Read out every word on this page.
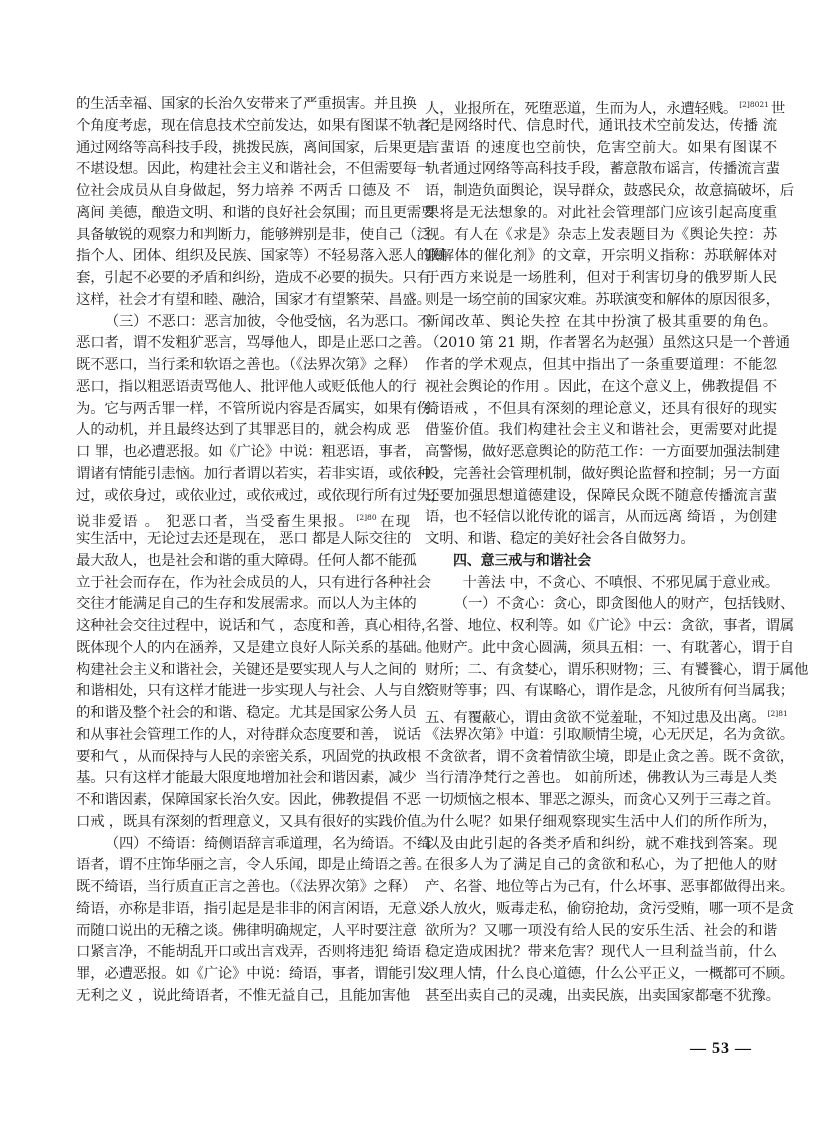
的生活幸福、国家的长治久安带来了严重损害。并且换
个角度考虑，现在信息技术空前发达，如果有图谋不轨者
通过网络等高科技手段，挑拨民族，离间国家，后果更是
不堪设想。因此，构建社会主义和谐社会，不但需要每一
位社会成员从自身做起，努力培养 不两舌 口德及 不
离间 美德，酿造文明、和谐的良好社会氛围；而且更需要
具备敏锐的观察力和判断力，能够辨别是非，使自己（泛
指个人、团体、组织及民族、国家等）不轻易落入恶人的圈
套，引起不必要的矛盾和纠纷，造成不必要的损失。只有
这样，社会才有望和睦、融洽，国家才有望繁荣、昌盛。
（三）不恶口：恶言加彼，令他受恼，名为恶口。不
恶口者，谓不发粗犷恶言，骂辱他人，即是止恶口之善。
既不恶口，当行柔和软语之善也。（《法界次第》之释）
恶口，指以粗恶语责骂他人、批评他人或贬低他人的行
为。它与两舌罪一样，不管所说内容是否属实，如果有伤
人的动机，并且最终达到了其罪恶目的，就会构成 恶
口 罪，也必遭恶报。如《广论》中说：粗恶语，事者，
谓诸有情能引恚恼。加行者谓以若实，若非实语，或依种
过，或依身过，或依业过，或依戒过，或依现行所有过失，
说非爱语 。 犯恶口者，当受畜生果报。 $^{[2]80}$ 在现
实生活中，无论过去还是现在， 恶口 都是人际交往的
最大敌人，也是社会和谐的重大障碍。任何人都不能孤
立于社会而存在，作为社会成员的人，只有进行各种社会
交往才能满足自己的生存和发展需求。而以人为主体的
这种社会交往过程中，说话和气 ，态度和善，真心相待，
既体现个人的内在涵养，又是建立良好人际关系的基础。
构建社会主义和谐社会，关键还是要实现人与人之间的
和谐相处，只有这样才能进一步实现人与社会、人与自然
的和谐及整个社会的和谐、稳定。尤其是国家公务人员
和从事社会管理工作的人，对待群众态度要和善， 说话
要和气 ，从而保持与人民的亲密关系，巩固党的执政根
基。只有这样才能最大限度地增加社会和谐因素，减少
不和谐因素，保障国家长治久安。因此，佛教提倡 不恶
口戒 ，既具有深刻的哲理意义，又具有很好的实践价值。
（四）不绮语：绮侧语辞言乖道理，名为绮语。不绮
语者，谓不庄饰华丽之言，令人乐闻，即是止绮语之善。
既不绮语，当行质直正言之善也。（《法界次第》之释）
绮语，亦称是非语，指引起是是非非的闲言闲语，无意义
而随口说出的无稽之谈。佛律明确规定，人平时要注意
口紧言净，不能胡乱开口或出言戏弄，否则将违犯 绮语
罪，必遭恶报。如《广论》中说：绮语，事者，谓能引发
无利之义 ，说此绮语者，不惟无益自己，且能加害他
人，业报所在，死堕恶道，生而为人，永遭轻贱。 $^{[2]8021}$ 世
纪是网络时代、信息时代，通讯技术空前发达，传播 流
言蜚语 的速度也空前快，危害空前大。如果有图谋不
轨者通过网络等高科技手段，蓄意散布谣言，传播流言蜚
语，制造负面舆论，误导群众，鼓惑民众，故意搞破坏，后
果将是无法想象的。对此社会管理部门应该引起高度重
视。有人在《求是》杂志上发表题目为《舆论失控：苏
联解体的催化剂》的文章，开宗明义指称：苏联解体对
于西方来说是一场胜利，但对于利害切身的俄罗斯人民
则是一场空前的国家灾难。苏联演变和解体的原因很多，
新闻改革、舆论失控 在其中扮演了极其重要的角色。
（2010 第 21 期，作者署名为赵强）虽然这只是一个普通
作者的学术观点，但其中指出了一条重要道理：不能忽
视社会舆论的作用 。因此，在这个意义上，佛教提倡 不
绮语戒 ，不但具有深刻的理论意义，还具有很好的现实
借鉴价值。我们构建社会主义和谐社会，更需要对此提
高警惕，做好恶意舆论的防范工作：一方面要加强法制建
设，完善社会管理机制，做好舆论监督和控制；另一方面
还要加强思想道德建设，保障民众既不随意传播流言蜚
语，也不轻信以讹传讹的谣言，从而远离 绮语 ，为创建
文明、和谐、稳定的美好社会各自做努力。
四、意三戒与和谐社会
十善法 中，不贪心、不嗔恨、不邪见属于意业戒。
（一）不贪心：贪心，即贪图他人的财产，包括钱财、
名誉、地位、权利等。如《广论》中云：贪欲，事者，谓属
他财产。此中贪心圆满，须具五相：一、有耽著心，谓于自
财所；二、有贪婪心，谓乐积财物；三、有饕餮心，谓于属他
资财等事；四、有谋略心，谓作是念，凡彼所有何当属我；
五、有覆蔽心，谓由贪欲不觉羞耻，不知过患及出离。 $^{[2]81}$
《法界次第》中道：引取顺情尘境，心无厌足，名为贪欲。
不贪欲者，谓不贪着情欲尘境，即是止贪之善。既不贪欲，
当行清净梵行之善也。 如前所述，佛教认为三毒是人类
一切烦恼之根本、罪恶之源头，而贪心又列于三毒之首。
为什么呢？如果仔细观察现实生活中人们的所作所为，
以及由此引起的各类矛盾和纠纷，就不难找到答案。现
在很多人为了满足自己的贪欲和私心，为了把他人的财
产、名誉、地位等占为己有，什么坏事、恶事都做得出来。
杀人放火，贩毒走私，偷窃抢劫，贪污受贿，哪一项不是贪
欲所为？又哪一项没有给人民的安乐生活、社会的和谐
稳定造成困扰？带来危害？现代人一旦利益当前，什么
义理人情，什么良心道德，什么公平正义，一概都可不顾。
甚至出卖自己的灵魂，出卖民族，出卖国家都毫不犹豫。
— 53 —
